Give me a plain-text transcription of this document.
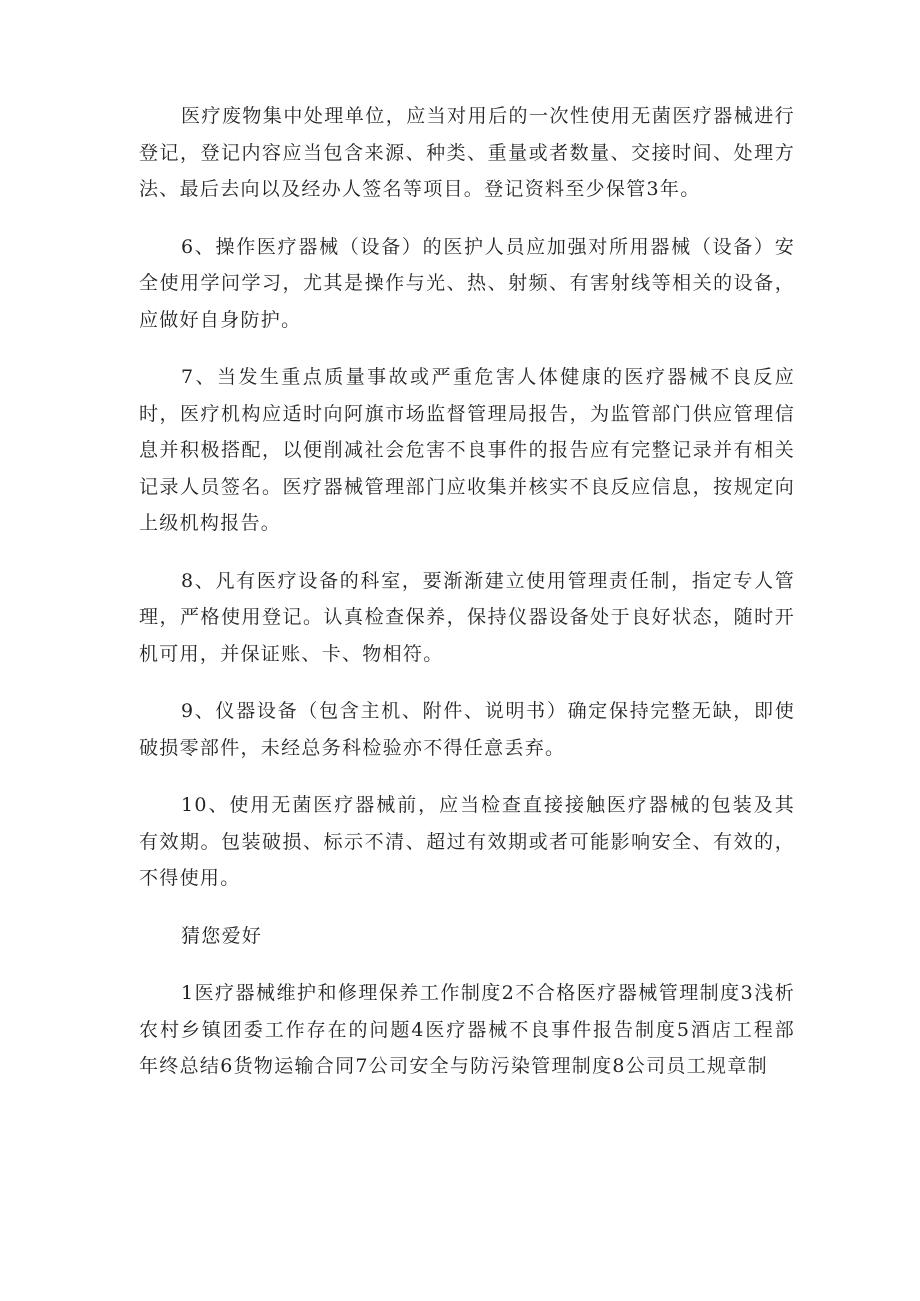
医疗废物集中处理单位，应当对用后的一次性使用无菌医疗器械进行登记，登记内容应当包含来源、种类、重量或者数量、交接时间、处理方法、最后去向以及经办人签名等项目。登记资料至少保管3年。

6、操作医疗器械（设备）的医护人员应加强对所用器械（设备）安全使用学问学习，尤其是操作与光、热、射频、有害射线等相关的设备，应做好自身防护。

7、当发生重点质量事故或严重危害人体健康的医疗器械不良反应时，医疗机构应适时向阿旗市场监督管理局报告，为监管部门供应管理信息并积极搭配，以便削减社会危害不良事件的报告应有完整记录并有相关记录人员签名。医疗器械管理部门应收集并核实不良反应信息，按规定向上级机构报告。

8、凡有医疗设备的科室，要渐渐建立使用管理责任制，指定专人管理，严格使用登记。认真检查保养，保持仪器设备处于良好状态，随时开机可用，并保证账、卡、物相符。

9、仪器设备（包含主机、附件、说明书）确定保持完整无缺，即使破损零部件，未经总务科检验亦不得任意丢弃。

10、使用无菌医疗器械前，应当检查直接接触医疗器械的包装及其有效期。包装破损、标示不清、超过有效期或者可能影响安全、有效的，不得使用。

猜您爱好

1医疗器械维护和修理保养工作制度2不合格医疗器械管理制度3浅析农村乡镇团委工作存在的问题4医疗器械不良事件报告制度5酒店工程部年终总结6货物运输合同7公司安全与防污染管理制度8公司员工规章制
